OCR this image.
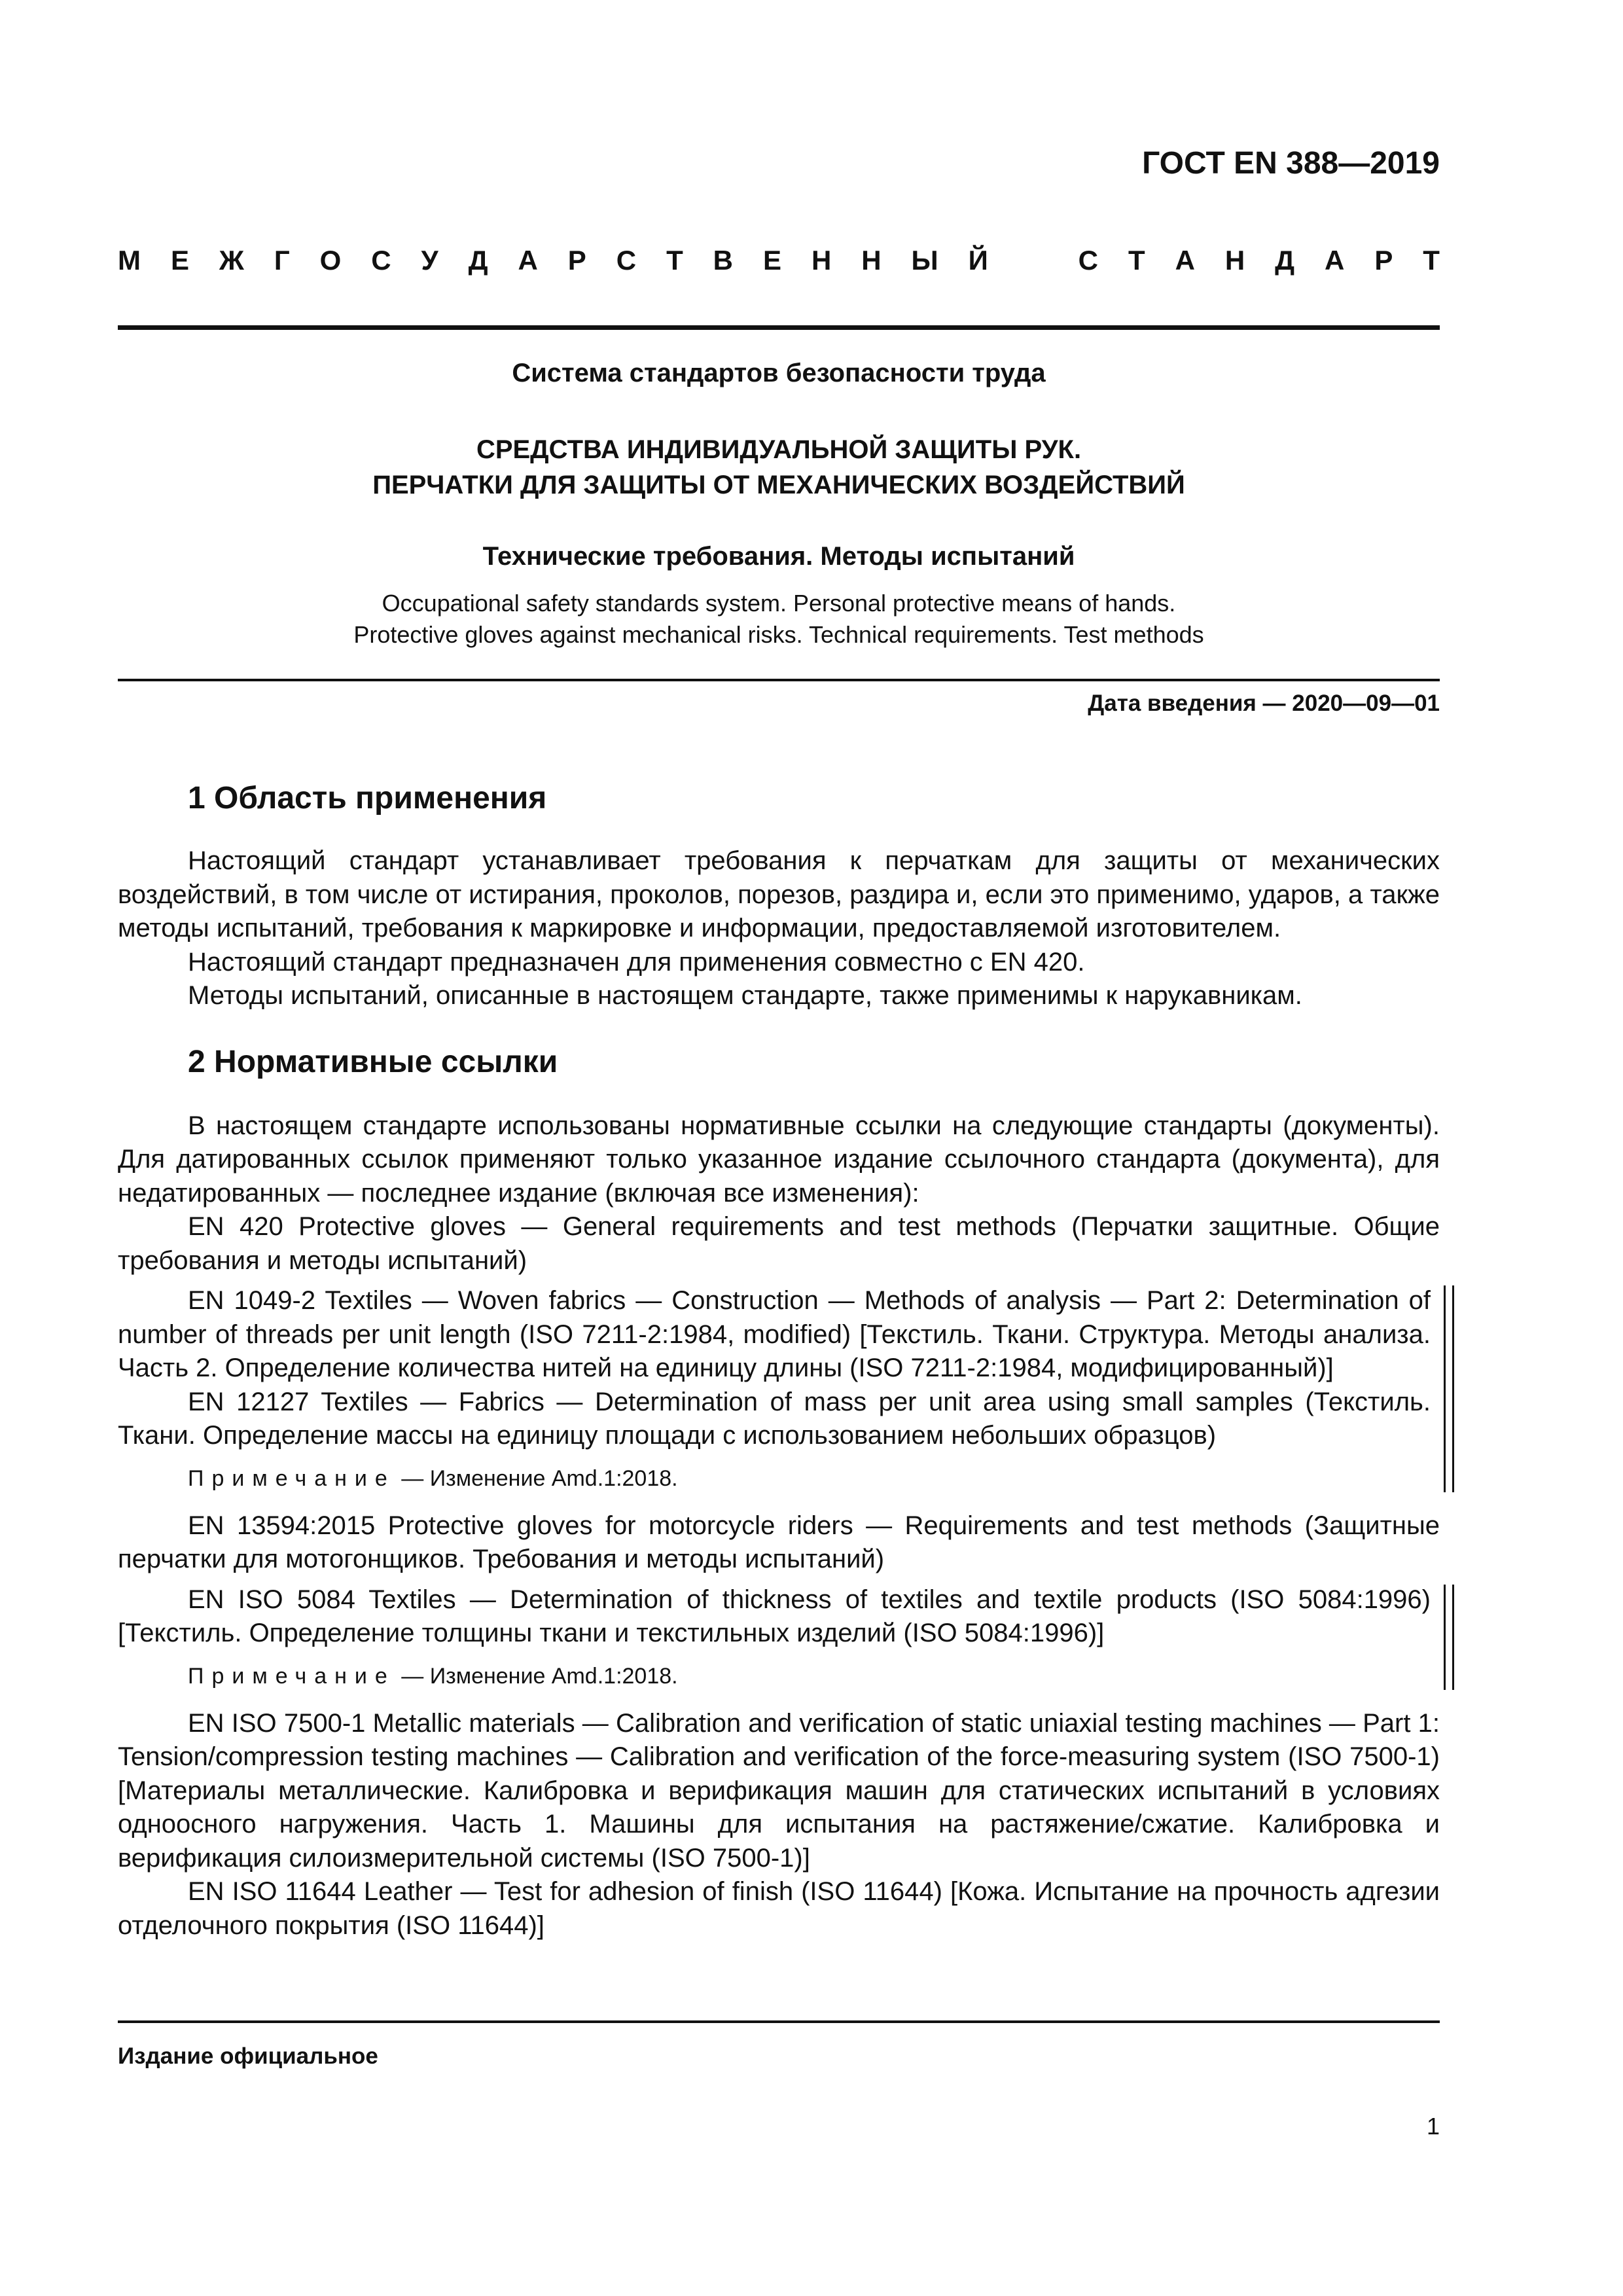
ГОСТ EN 388—2019
М Е Ж Г О С У Д А Р С Т В Е Н Н Ы Й	С Т А Н Д А Р Т
Система стандартов безопасности труда
СРЕДСТВА ИНДИВИДУАЛЬНОЙ ЗАЩИТЫ РУК.
ПЕРЧАТКИ ДЛЯ ЗАЩИТЫ ОТ МЕХАНИЧЕСКИХ ВОЗДЕЙСТВИЙ
Технические требования. Методы испытаний
Occupational safety standards system. Personal protective means of hands.
Protective gloves against mechanical risks. Technical requirements. Test methods
Дата введения — 2020—09—01
1 Область применения

Настоящий стандарт устанавливает требования к перчаткам для защиты от механических воздействий, в том числе от истирания, проколов, порезов, раздира и, если это применимо, ударов, а также методы испытаний, требования к маркировке и информации, предоставляемой изготовителем.

Настоящий стандарт предназначен для применения совместно с EN 420.

Методы испытаний, описанные в настоящем стандарте, также применимы к нарукавникам.

2 Нормативные ссылки

В настоящем стандарте использованы нормативные ссылки на следующие стандарты (документы). Для датированных ссылок применяют только указанное издание ссылочного стандарта (документа), для недатированных — последнее издание (включая все изменения):

EN 420 Protective gloves — General requirements and test methods (Перчатки защитные. Общие требования и методы испытаний)

EN 1049-2 Textiles — Woven fabrics — Construction — Methods of analysis — Part 2: Determination of number of threads per unit length (ISO 7211-2:1984, modified) [Текстиль. Ткани. Структура. Методы анализа. Часть 2. Определение количества нитей на единицу длины (ISO 7211-2:1984, модифицированный)]

EN 12127 Textiles — Fabrics — Determination of mass per unit area using small samples (Текстиль. Ткани. Определение массы на единицу площади с использованием небольших образцов)

Примечание — Изменение Amd.1:2018.

EN 13594:2015 Protective gloves for motorcycle riders — Requirements and test methods (Защитные перчатки для мотогонщиков. Требования и методы испытаний)

EN ISO 5084 Textiles — Determination of thickness of textiles and textile products (ISO 5084:1996) [Текстиль. Определение толщины ткани и текстильных изделий (ISO 5084:1996)]

Примечание — Изменение Amd.1:2018.

EN ISO 7500-1 Metallic materials — Calibration and verification of static uniaxial testing machines — Part 1: Tension/compression testing machines — Calibration and verification of the force-measuring system (ISO 7500-1) [Материалы металлические. Калибровка и верификация машин для статических испытаний в условиях одноосного нагружения. Часть 1. Машины для испытания на растяжение/сжатие. Калибровка и верификация силоизмерительной системы (ISO 7500-1)]

EN ISO 11644 Leather — Test for adhesion of finish (ISO 11644) [Кожа. Испытание на прочность адгезии отделочного покрытия (ISO 11644)]

Издание официальное
1
